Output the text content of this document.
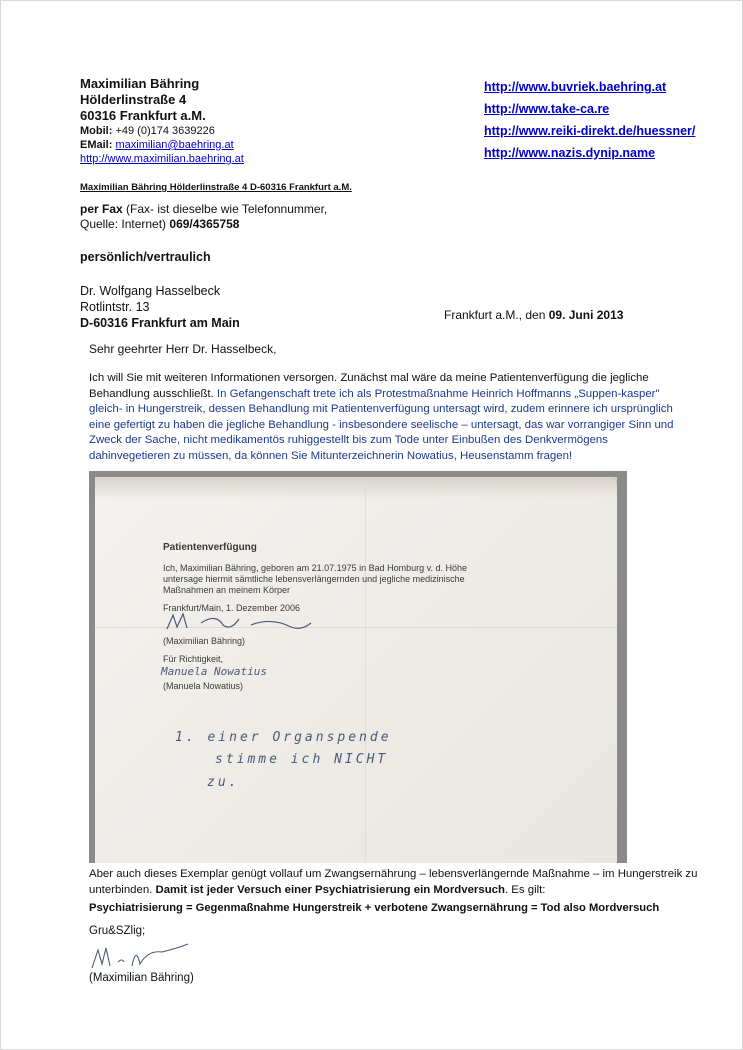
Maximilian Bähring
Hölderlinstraße 4
60316 Frankfurt a.M.
Mobil: +49 (0)174 3639226
EMail: maximilian@baehring.at
http://www.maximilian.baehring.at
http://www.buvriek.baehring.at
http://www.take-ca.re
http://www.reiki-direkt.de/huessner/
http://www.nazis.dynip.name
Maximilian Bähring Hölderlinstraße 4 D-60316 Frankfurt a.M.
per Fax (Fax- ist dieselbe wie Telefonnummer,
Quelle: Internet) 069/4365758
persönlich/vertraulich
Dr. Wolfgang Hasselbeck
Rotlintstr. 13
D-60316 Frankfurt am Main
Frankfurt a.M., den 09. Juni 2013
Sehr geehrter Herr Dr. Hasselbeck,
Ich will Sie mit weiteren Informationen versorgen. Zunächst mal wäre da meine Patientenverfügung die jegliche Behandlung ausschließt. In Gefangenschaft trete ich als Protestmaßnahme Heinrich Hoffmanns „Suppen-kasper" gleich- in Hungerstreik, dessen Behandlung mit Patientenverfügung untersagt wird, zudem erinnere ich ursprünglich eine gefertigt zu haben die jegliche Behandlung - insbesondere seelische – untersagt, das war vorrangiger Sinn und Zweck der Sache, nicht medikamentös ruhiggestellt bis zum Tode unter Einbußen des Denkvermögens dahinvegetieren zu müssen, da können Sie Mitunterzeichnerin Nowatius, Heusenstamm fragen!
Patientenverfügung
Ich, Maximilian Bähring, geboren am 21.07.1975 in Bad Homburg v. d. Höhe
untersage hiermit sämtliche lebensverlängernden und jegliche medizinische
Maßnahmen an meinem Körper
Frankfurt/Main, 1. Dezember 2006
(Maximilian Bähring)
Für Richtigkeit,
Manuela Nowatius
(Manuela Nowatius)
1. einer Organspende
stimme ich NICHT
zu.
Aber auch dieses Exemplar genügt vollauf um Zwangsernährung – lebensverlängernde Maßnahme – im Hungerstreik zu unterbinden. Damit ist jeder Versuch einer Psychiatrisierung ein Mordversuch. Es gilt:
Psychiatrisierung = Gegenmaßnahme Hungerstreik + verbotene Zwangsernährung = Tod also Mordversuch
Gru&SZlig;
(Maximilian Bähring)
